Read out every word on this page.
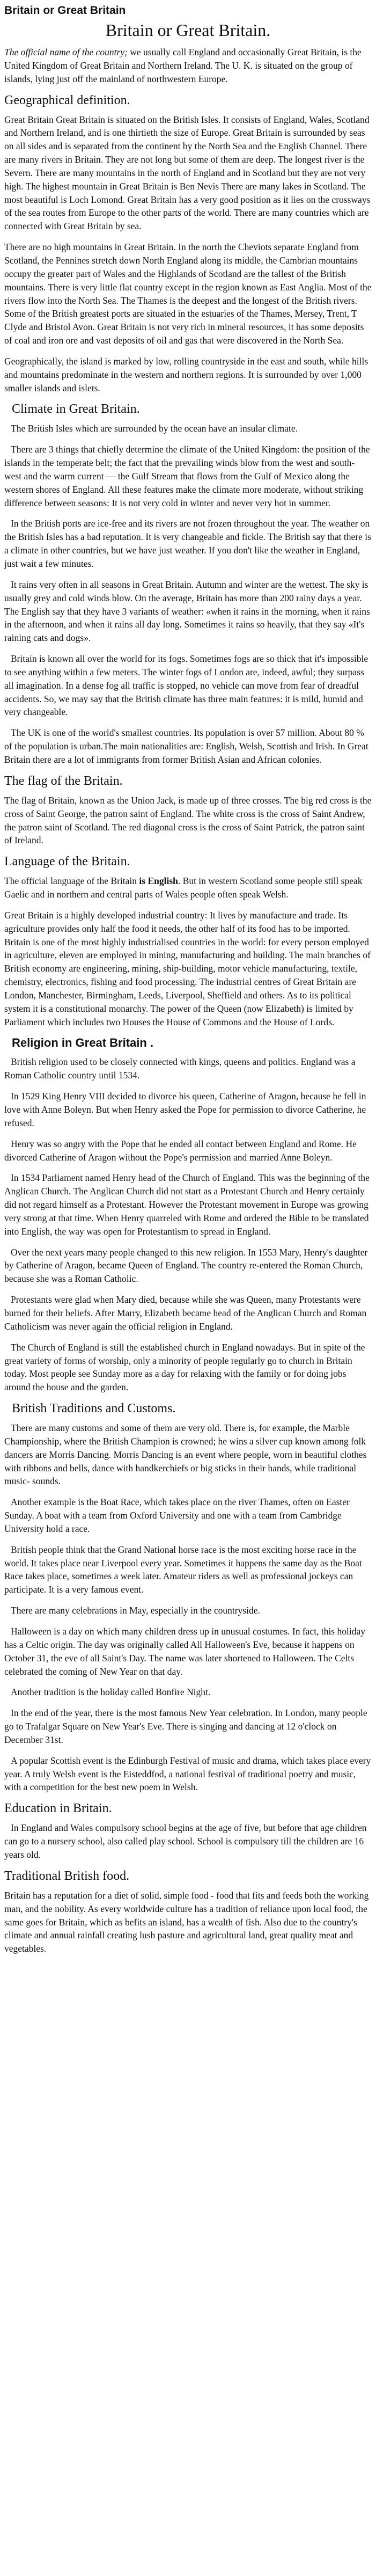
Britain or Great Britain
Britain or Great Britain.

The official name of the country; we usually call England and occasionally Great Britain, is the United Kingdom of Great Britain and Northern Ireland. The U. K. is situated on the group of islands, lying just off the mainland of northwestern Europe.

Geographical definition.

Great Britain Great Britain is situated on the British Isles. It consists of England, Wales, Scotland and Northern Ireland, and is one thirtieth the size of Europe. Great Britain is surrounded by seas on all sides and is separated from the continent by the North Sea and the English Channel. There are many rivers in Britain. They are not long but some of them are deep. The longest river is the Severn. There are many mountains in the north of England and in Scotland but they are not very high. The highest mountain in Great Britain is Ben Nevis There are many lakes in Scotland. The most beautiful is Loch Lomond. Great Britain has a very good position as it lies on the crossways of the sea routes from Europe to the other parts of the world. There are many countries which are connected with Great Britain by sea.

There are no high mountains in Great Britain. In the north the Cheviots separate England from Scotland, the Pennines stretch down North England along its middle, the Cambrian mountains occupy the greater part of Wales and the Highlands of Scotland are the tallest of the British mountains. There is very little flat country except in the region known as East Anglia. Most of the rivers flow into the North Sea. The Thames is the deepest and the longest of the British rivers. Some of the British greatest ports are situated in the estuaries of the Thames, Mersey, Trent, T Clyde and Bristol Avon. Great Britain is not very rich in mineral resources, it has some deposits of coal and iron ore and vast deposits of oil and gas that were discovered in the North Sea.

Geographically, the island is marked by low, rolling countryside in the east and south, while hills and mountains predominate in the western and northern regions. It is surrounded by over 1,000 smaller islands and islets.

Climate in Great Britain.

The British Isles which are surrounded by the ocean have an insular climate.

There are 3 things that chiefly determine the climate of the United Kingdom: the position of the islands in the temperate belt; the fact that the prevailing winds blow from the west and south-west and the warm current — the Gulf Stream that flows from the Gulf of Mexico along the western shores of England. All these features make the climate more moderate, without striking difference between seasons: It is not very cold in winter and never very hot in summer.

In the British ports are ice-free and its rivers are not frozen throughout the year. The weather on the British Isles has a bad reputation. It is very changeable and fickle. The British say that there is a climate in other countries, but we have just weather. If you don't like the weather in England, just wait a few minutes.

It rains very often in all seasons in Great Britain. Autumn and winter are the wettest. The sky is usually grey and cold winds blow. On the average, Britain has more than 200 rainy days a year. The English say that they have 3 variants of weather: «when it rains in the morning, when it rains in the afternoon, and when it rains all day long. Sometimes it rains so heavily, that they say «It's raining cats and dogs».

Britain is known all over the world for its fogs. Sometimes fogs are so thick that it's impossible to see anything within a few meters. The winter fogs of London are, indeed, awful; they surpass all imagination. In a dense fog all traffic is stopped, no vehicle can move from fear of dreadful accidents. So, we may say that the British climate has three main features: it is mild, humid and very changeable.

The UK is one of the world's smallest countries. Its population is over 57 million. About 80 % of the population is urban.The main nationalities are: English, Welsh, Scottish and Irish. In Great Britain there are a lot of immigrants from former British Asian and African colonies.

The flag of the Britain.

The flag of Britain, known as the Union Jack, is made up of three crosses. The big red cross is the cross of Saint George, the patron saint of England. The white cross is the cross of Saint Andrew, the patron saint of Scotland. The red diagonal cross is the cross of Saint Patrick, the patron saint of Ireland.

Language of the Britain.

The official language of the Britain is English. But in western Scotland some people still speak Gaelic and in northern and central parts of Wales people often speak Welsh.

Great Britain is a highly developed industrial country: It lives by manufacture and trade. Its agriculture provides only half the food it needs, the other half of its food has to be imported. Britain is one of the most highly industrialised countries in the world: for every person employed in agriculture, eleven are employed in mining, manufacturing and building. The main branches of British economy are engineering, mining, ship-building, motor vehicle manufacturing, textile, chemistry, electronics, fishing and food processing. The industrial centres of Great Britain are London, Manchester, Birmingham, Leeds, Liverpool, Sheffield and others. As to its political system it is a constitutional monarchy. The power of the Queen (now Elizabeth) is limited by Parliament which includes two Houses the House of Commons and the House of Lords.

Religion in Great Britain .

British religion used to be closely connected with kings, queens and politics. England was a Roman Catholic country until 1534.

In 1529 King Henry VIII decided to divorce his queen, Catherine of Aragon, because he fell in love with Anne Boleyn. But when Henry asked the Pope for permission to divorce Catherine, he refused.

Henry was so angry with the Pope that he ended all contact between England and Rome. He divorced Catherine of Aragon without the Pope's permission and married Anne Boleyn.

In 1534 Parliament named Henry head of the Church of England. This was the beginning of the Anglican Church. The Anglican Church did not start as a Protestant Church and Henry certainly did not regard himself as a Protestant. However the Protestant movement in Europe was growing very strong at that time. When Henry quarreled with Rome and ordered the Bible to be translated into English, the way was open for Protestantism to spread in England.

Over the next years many people changed to this new religion. In 1553 Mary, Henry's daughter by Catherine of Aragon, became Queen of England. The country re-entered the Roman Church, because she was a Roman Catholic.

Protestants were glad when Mary died, because while she was Queen, many Protestants were burned for their beliefs. After Marry, Elizabeth became head of the Anglican Church and Roman Catholicism was never again the official religion in England.

The Church of England is still the established church in England nowadays. But in spite of the great variety of forms of worship, only a minority of people regularly go to church in Britain today. Most people see Sunday more as a day for relaxing with the family or for doing jobs around the house and the garden.

British Traditions and Customs.

There are many customs and some of them are very old. There is, for example, the Marble Championship, where the British Champion is crowned; he wins a silver cup known among folk dancers are Morris Dancing. Morris Dancing is an event where people, worn in beautiful clothes with ribbons and bells, dance with handkerchiefs or big sticks in their hands, while traditional music- sounds.

Another example is the Boat Race, which takes place on the river Thames, often on Easter Sunday. A boat with a team from Oxford University and one with a team from Cambridge University hold a race.

British people think that the Grand National horse race is the most exciting horse race in the world. It takes place near Liverpool every year. Sometimes it happens the same day as the Boat Race takes place, sometimes a week later. Amateur riders as well as professional jockeys can participate. It is a very famous event.

There are many celebrations in May, especially in the countryside.

Halloween is a day on which many children dress up in unusual costumes. In fact, this holiday has a Celtic origin. The day was originally called All Halloween's Eve, because it happens on October 31, the eve of all Saint's Day. The name was later shortened to Halloween. The Celts celebrated the coming of New Year on that day.

Another tradition is the holiday called Bonfire Night.

In the end of the year, there is the most famous New Year celebration. In London, many people go to Trafalgar Square on New Year's Eve. There is singing and dancing at 12 o'clock on December 31st.

A popular Scottish event is the Edinburgh Festival of music and drama, which takes place every year. A truly Welsh event is the Eisteddfod, a national festival of traditional poetry and music, with a competition for the best new poem in Welsh.

Education in Britain.

In England and Wales compulsory school begins at the age of five, but before that age children can go to a nursery school, also called play school. School is compulsory till the children are 16 years old.

Traditional British food.

Britain has a reputation for a diet of solid, simple food - food that fits and feeds both the working man, and the nobility. As every worldwide culture has a tradition of reliance upon local food, the same goes for Britain, which as befits an island, has a wealth of fish. Also due to the country's climate and annual rainfall creating lush pasture and agricultural land, great quality meat and vegetables.
